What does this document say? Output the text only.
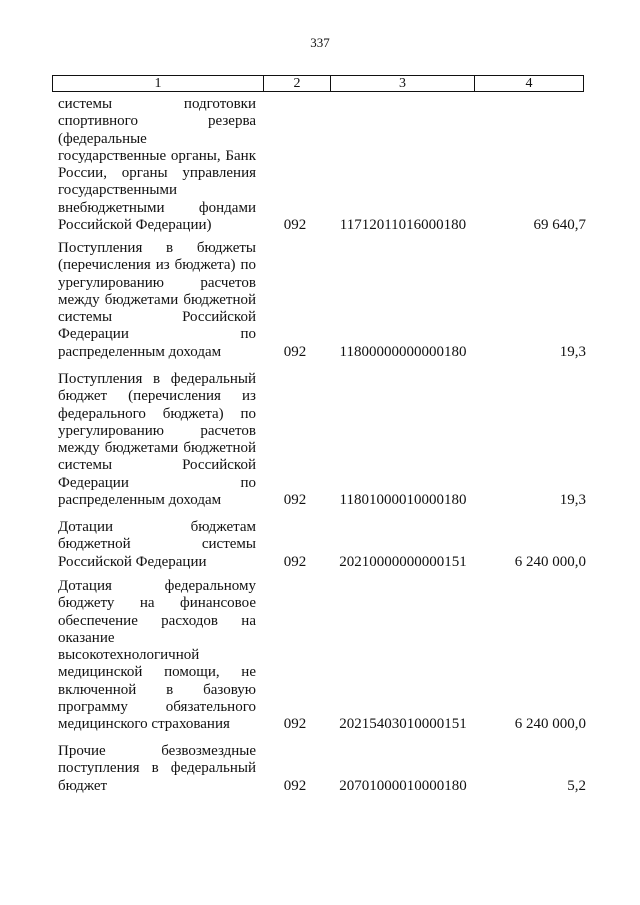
337
1	2	3	4
системы подготовки
спортивного резерва
(федеральные
государственные органы, Банк
России, органы управления
государственными
внебюджетными фондами
Российской Федерации)	092	11712011016000180	69 640,7
Поступления в бюджеты
(перечисления из бюджета) по
урегулированию расчетов
между бюджетами бюджетной
системы Российской
Федерации по
распределенным доходам	092	11800000000000180	19,3
Поступления в федеральный
бюджет (перечисления из
федерального бюджета) по
урегулированию расчетов
между бюджетами бюджетной
системы Российской
Федерации по
распределенным доходам	092	11801000010000180	19,3
Дотации бюджетам
бюджетной системы
Российской Федерации	092	20210000000000151	6 240 000,0
Дотация федеральному
бюджету на финансовое
обеспечение расходов на
оказание
высокотехнологичной
медицинской помощи, не
включенной в базовую
программу обязательного
медицинского страхования	092	20215403010000151	6 240 000,0
Прочие безвозмездные
поступления в федеральный
бюджет	092	20701000010000180	5,2
